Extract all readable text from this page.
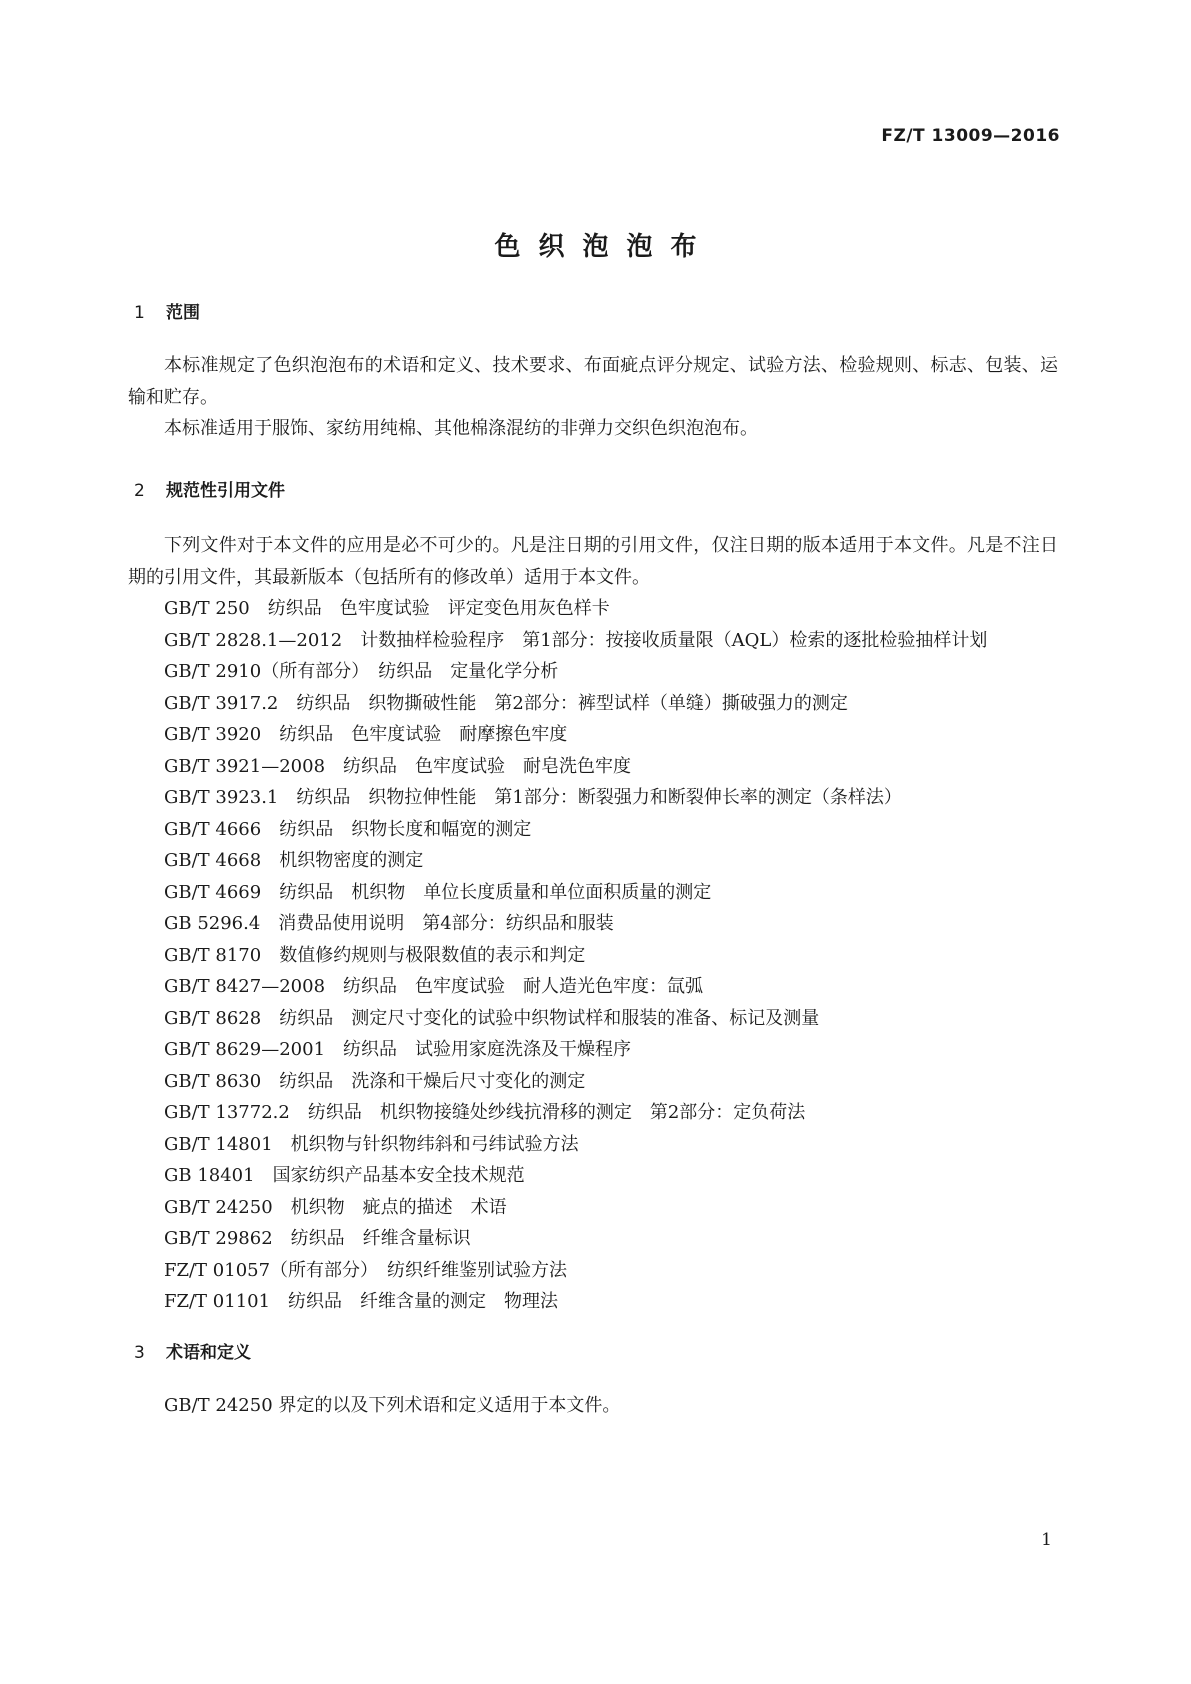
FZ/T 13009—2016
色织泡泡布
1 范围

本标准规定了色织泡泡布的术语和定义、技术要求、布面疵点评分规定、试验方法、检验规则、标志、包装、运输和贮存。

本标准适用于服饰、家纺用纯棉、其他棉涤混纺的非弹力交织色织泡泡布。

2 规范性引用文件

下列文件对于本文件的应用是必不可少的。凡是注日期的引用文件，仅注日期的版本适用于本文件。凡是不注日期的引用文件，其最新版本（包括所有的修改单）适用于本文件。

GB/T 250　纺织品　色牢度试验　评定变色用灰色样卡

GB/T 2828.1—2012　计数抽样检验程序　第1部分：按接收质量限（AQL）检索的逐批检验抽样计划

GB/T 2910（所有部分）　纺织品　定量化学分析

GB/T 3917.2　纺织品　织物撕破性能　第2部分：裤型试样（单缝）撕破强力的测定

GB/T 3920　纺织品　色牢度试验　耐摩擦色牢度

GB/T 3921—2008　纺织品　色牢度试验　耐皂洗色牢度

GB/T 3923.1　纺织品　织物拉伸性能　第1部分：断裂强力和断裂伸长率的测定（条样法）

GB/T 4666　纺织品　织物长度和幅宽的测定

GB/T 4668　机织物密度的测定

GB/T 4669　纺织品　机织物　单位长度质量和单位面积质量的测定

GB 5296.4　消费品使用说明　第4部分：纺织品和服装

GB/T 8170　数值修约规则与极限数值的表示和判定

GB/T 8427—2008　纺织品　色牢度试验　耐人造光色牢度：氙弧

GB/T 8628　纺织品　测定尺寸变化的试验中织物试样和服装的准备、标记及测量

GB/T 8629—2001　纺织品　试验用家庭洗涤及干燥程序

GB/T 8630　纺织品　洗涤和干燥后尺寸变化的测定

GB/T 13772.2　纺织品　机织物接缝处纱线抗滑移的测定　第2部分：定负荷法

GB/T 14801　机织物与针织物纬斜和弓纬试验方法

GB 18401　国家纺织产品基本安全技术规范

GB/T 24250　机织物　疵点的描述　术语

GB/T 29862　纺织品　纤维含量标识

FZ/T 01057（所有部分）　纺织纤维鉴别试验方法

FZ/T 01101　纺织品　纤维含量的测定　物理法

3 术语和定义

GB/T 24250 界定的以及下列术语和定义适用于本文件。

1
